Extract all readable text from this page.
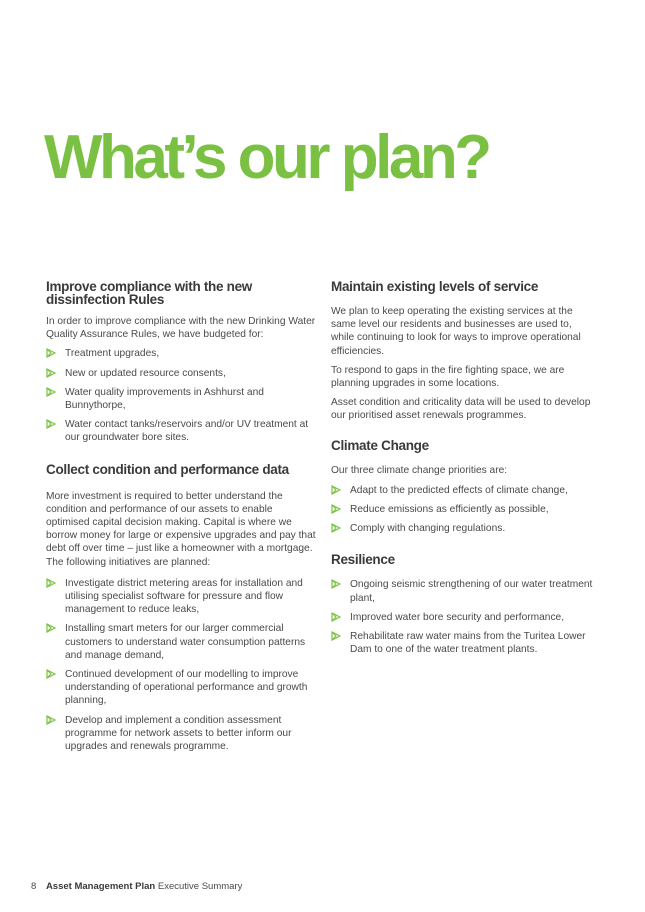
What’s our plan?
Improve compliance with the new dissinfection Rules

In order to improve compliance with the new Drinking Water Quality Assurance Rules, we have budgeted for:

Treatment upgrades,
New or updated resource consents,
Water quality improvements in Ashhurst and Bunnythorpe,
Water contact tanks/reservoirs and/or UV treatment at our groundwater bore sites.
Collect condition and performance data

More investment is required to better understand the condition and performance of our assets to enable optimised capital decision making. Capital is where we borrow money for large or expensive upgrades and pay that debt off over time – just like a homeowner with a mortgage. The following initiatives are planned:

Investigate district metering areas for installation and utilising specialist software for pressure and flow management to reduce leaks,
Installing smart meters for our larger commercial customers to understand water consumption patterns and manage demand,
Continued development of our modelling to improve understanding of operational performance and growth planning,
Develop and implement a condition assessment programme for network assets to better inform our upgrades and renewals programme.
Maintain existing levels of service

We plan to keep operating the existing services at the same level our residents and businesses are used to, while continuing to look for ways to improve operational efficiencies.

To respond to gaps in the fire fighting space, we are planning upgrades in some locations.

Asset condition and criticality data will be used to develop our prioritised asset renewals programmes.

Climate Change

Our three climate change priorities are:

Adapt to the predicted effects of climate change,
Reduce emissions as efficiently as possible,
Comply with changing regulations.
Resilience
Ongoing seismic strengthening of our water treatment plant,
Improved water bore security and performance,
Rehabilitate raw water mains from the Turitea Lower Dam to one of the water treatment plants.
8 Asset Management Plan Executive Summary
